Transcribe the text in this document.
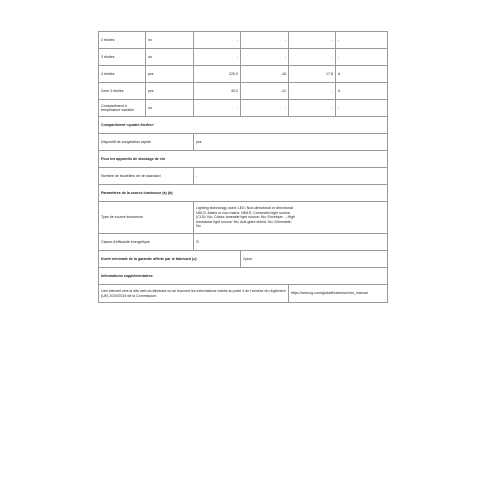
2 étoiles	no	-	-	-	-
3 étoiles	no	-	-	-	-
4 étoiles	yes	220,0	-18	17,8	A
Zone 2 étoiles	yes	40,0	-12	-	A
Compartiment à température variable	no	-	-	-	-
Compartiment «quatre étoiles»					
Dispositif de congélation rapide		yes			
Pour les appareils de stockage de vin					
Nombre de bouteilles de vin standard		-			
Paramètres de la source lumineuse (a) (b):					
Type de source lumineuse		Lighting technology used: LED; Non-directional or directional: NDLS; Mains or non-mains: NMLS; Connected light source (CLS): No; Colour-tuneable light source: No; Envelope: -; High luminance light source: No; Anti-glare shield: No; Dimmable: No			

Classe d'efficacité énergétique		G			
Durée minimale de la garantie offerte par le fabricant (c):			2year		
Informations supplémentaires:					
Lien internet vers le site web du fabricant où se trouvent les informations visées au point 4 de l'annexe du règlement (UE) 2019/2019 de la Commission:				https://www.lg.com/global/business/mnr_manual	
